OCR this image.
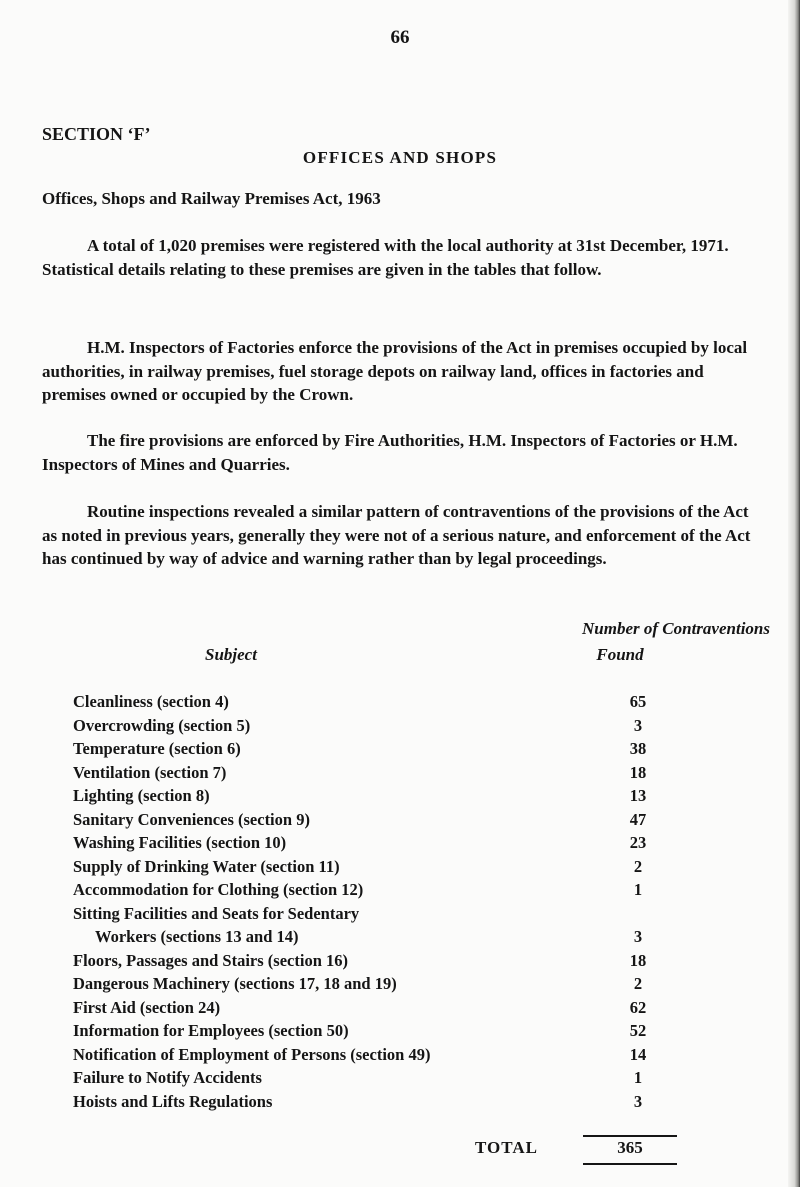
66
SECTION ‘F’
OFFICES AND SHOPS
Offices, Shops and Railway Premises Act, 1963

A total of 1,020 premises were registered with the local authority at 31st December, 1971. Statistical details relating to these premises are given in the tables that follow.

H.M. Inspectors of Factories enforce the provisions of the Act in premises occupied by local authorities, in railway premises, fuel storage depots on railway land, offices in factories and premises owned or occupied by the Crown.

The fire provisions are enforced by Fire Authorities, H.M. Inspectors of Factories or H.M. Inspectors of Mines and Quarries.

Routine inspections revealed a similar pattern of contraventions of the provisions of the Act as noted in previous years, generally they were not of a serious nature, and enforcement of the Act has continued by way of advice and warning rather than by legal proceedings.

Subject
Number of Contraventions
Found
Cleanliness (section 4)	65
Overcrowding (section 5)	3
Temperature (section 6)	38
Ventilation (section 7)	18
Lighting (section 8)	13
Sanitary Conveniences (section 9)	47
Washing Facilities (section 10)	23
Supply of Drinking Water (section 11)	2
Accommodation for Clothing (section 12)	1
Sitting Facilities and Seats for Sedentary
Workers (sections 13 and 14)	3
Floors, Passages and Stairs (section 16)	18
Dangerous Machinery (sections 17, 18 and 19)	2
First Aid (section 24)	62
Information for Employees (section 50)	52
Notification of Employment of Persons (section 49)	14
Failure to Notify Accidents	1
Hoists and Lifts Regulations	3
TOTAL	365
